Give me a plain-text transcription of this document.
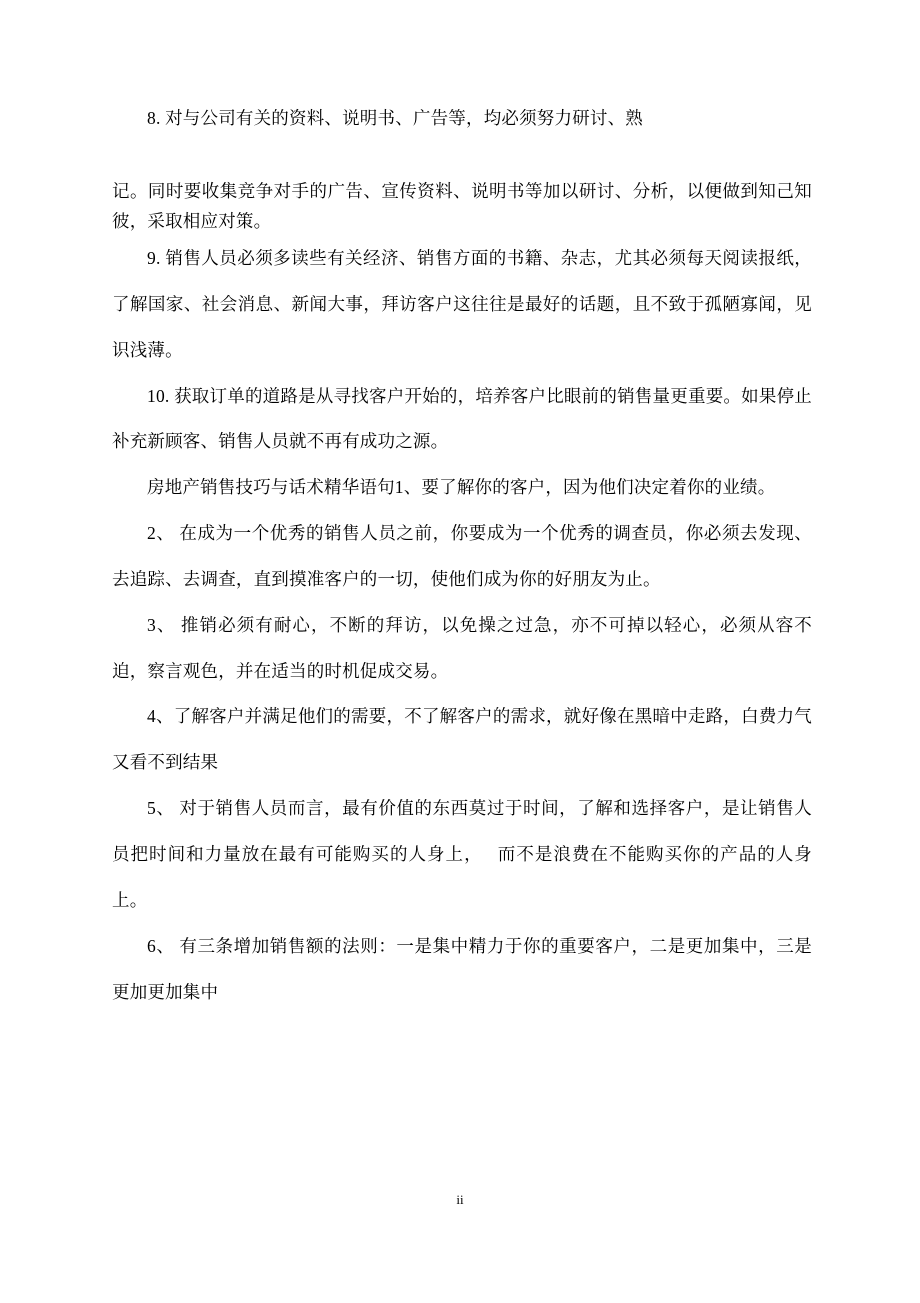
8. 对与公司有关的资料、说明书、广告等，均必须努力研讨、熟

记。同时要收集竞争对手的广告、宣传资料、说明书等加以研讨、分析，以便做到知己知彼，采取相应对策。

9. 销售人员必须多读些有关经济、销售方面的书籍、杂志，尤其必须每天阅读报纸，了解国家、社会消息、新闻大事，拜访客户这往往是最好的话题，且不致于孤陋寡闻，见识浅薄。

10. 获取订单的道路是从寻找客户开始的，培养客户比眼前的销售量更重要。如果停止补充新顾客、销售人员就不再有成功之源。

房地产销售技巧与话术精华语句1、要了解你的客户，因为他们决定着你的业绩。

2、 在成为一个优秀的销售人员之前，你要成为一个优秀的调查员，你必须去发现、去追踪、去调查，直到摸准客户的一切，使他们成为你的好朋友为止。

3、 推销必须有耐心，不断的拜访，以免操之过急，亦不可掉以轻心，必须从容不迫，察言观色，并在适当的时机促成交易。

4、了解客户并满足他们的需要，不了解客户的需求，就好像在黑暗中走路，白费力气又看不到结果

5、 对于销售人员而言，最有价值的东西莫过于时间，了解和选择客户，是让销售人员把时间和力量放在最有可能购买的人身上，　 而不是浪费在不能购买你的产品的人身上。

6、 有三条增加销售额的法则：一是集中精力于你的重要客户，二是更加集中，三是更加更加集中

ii
